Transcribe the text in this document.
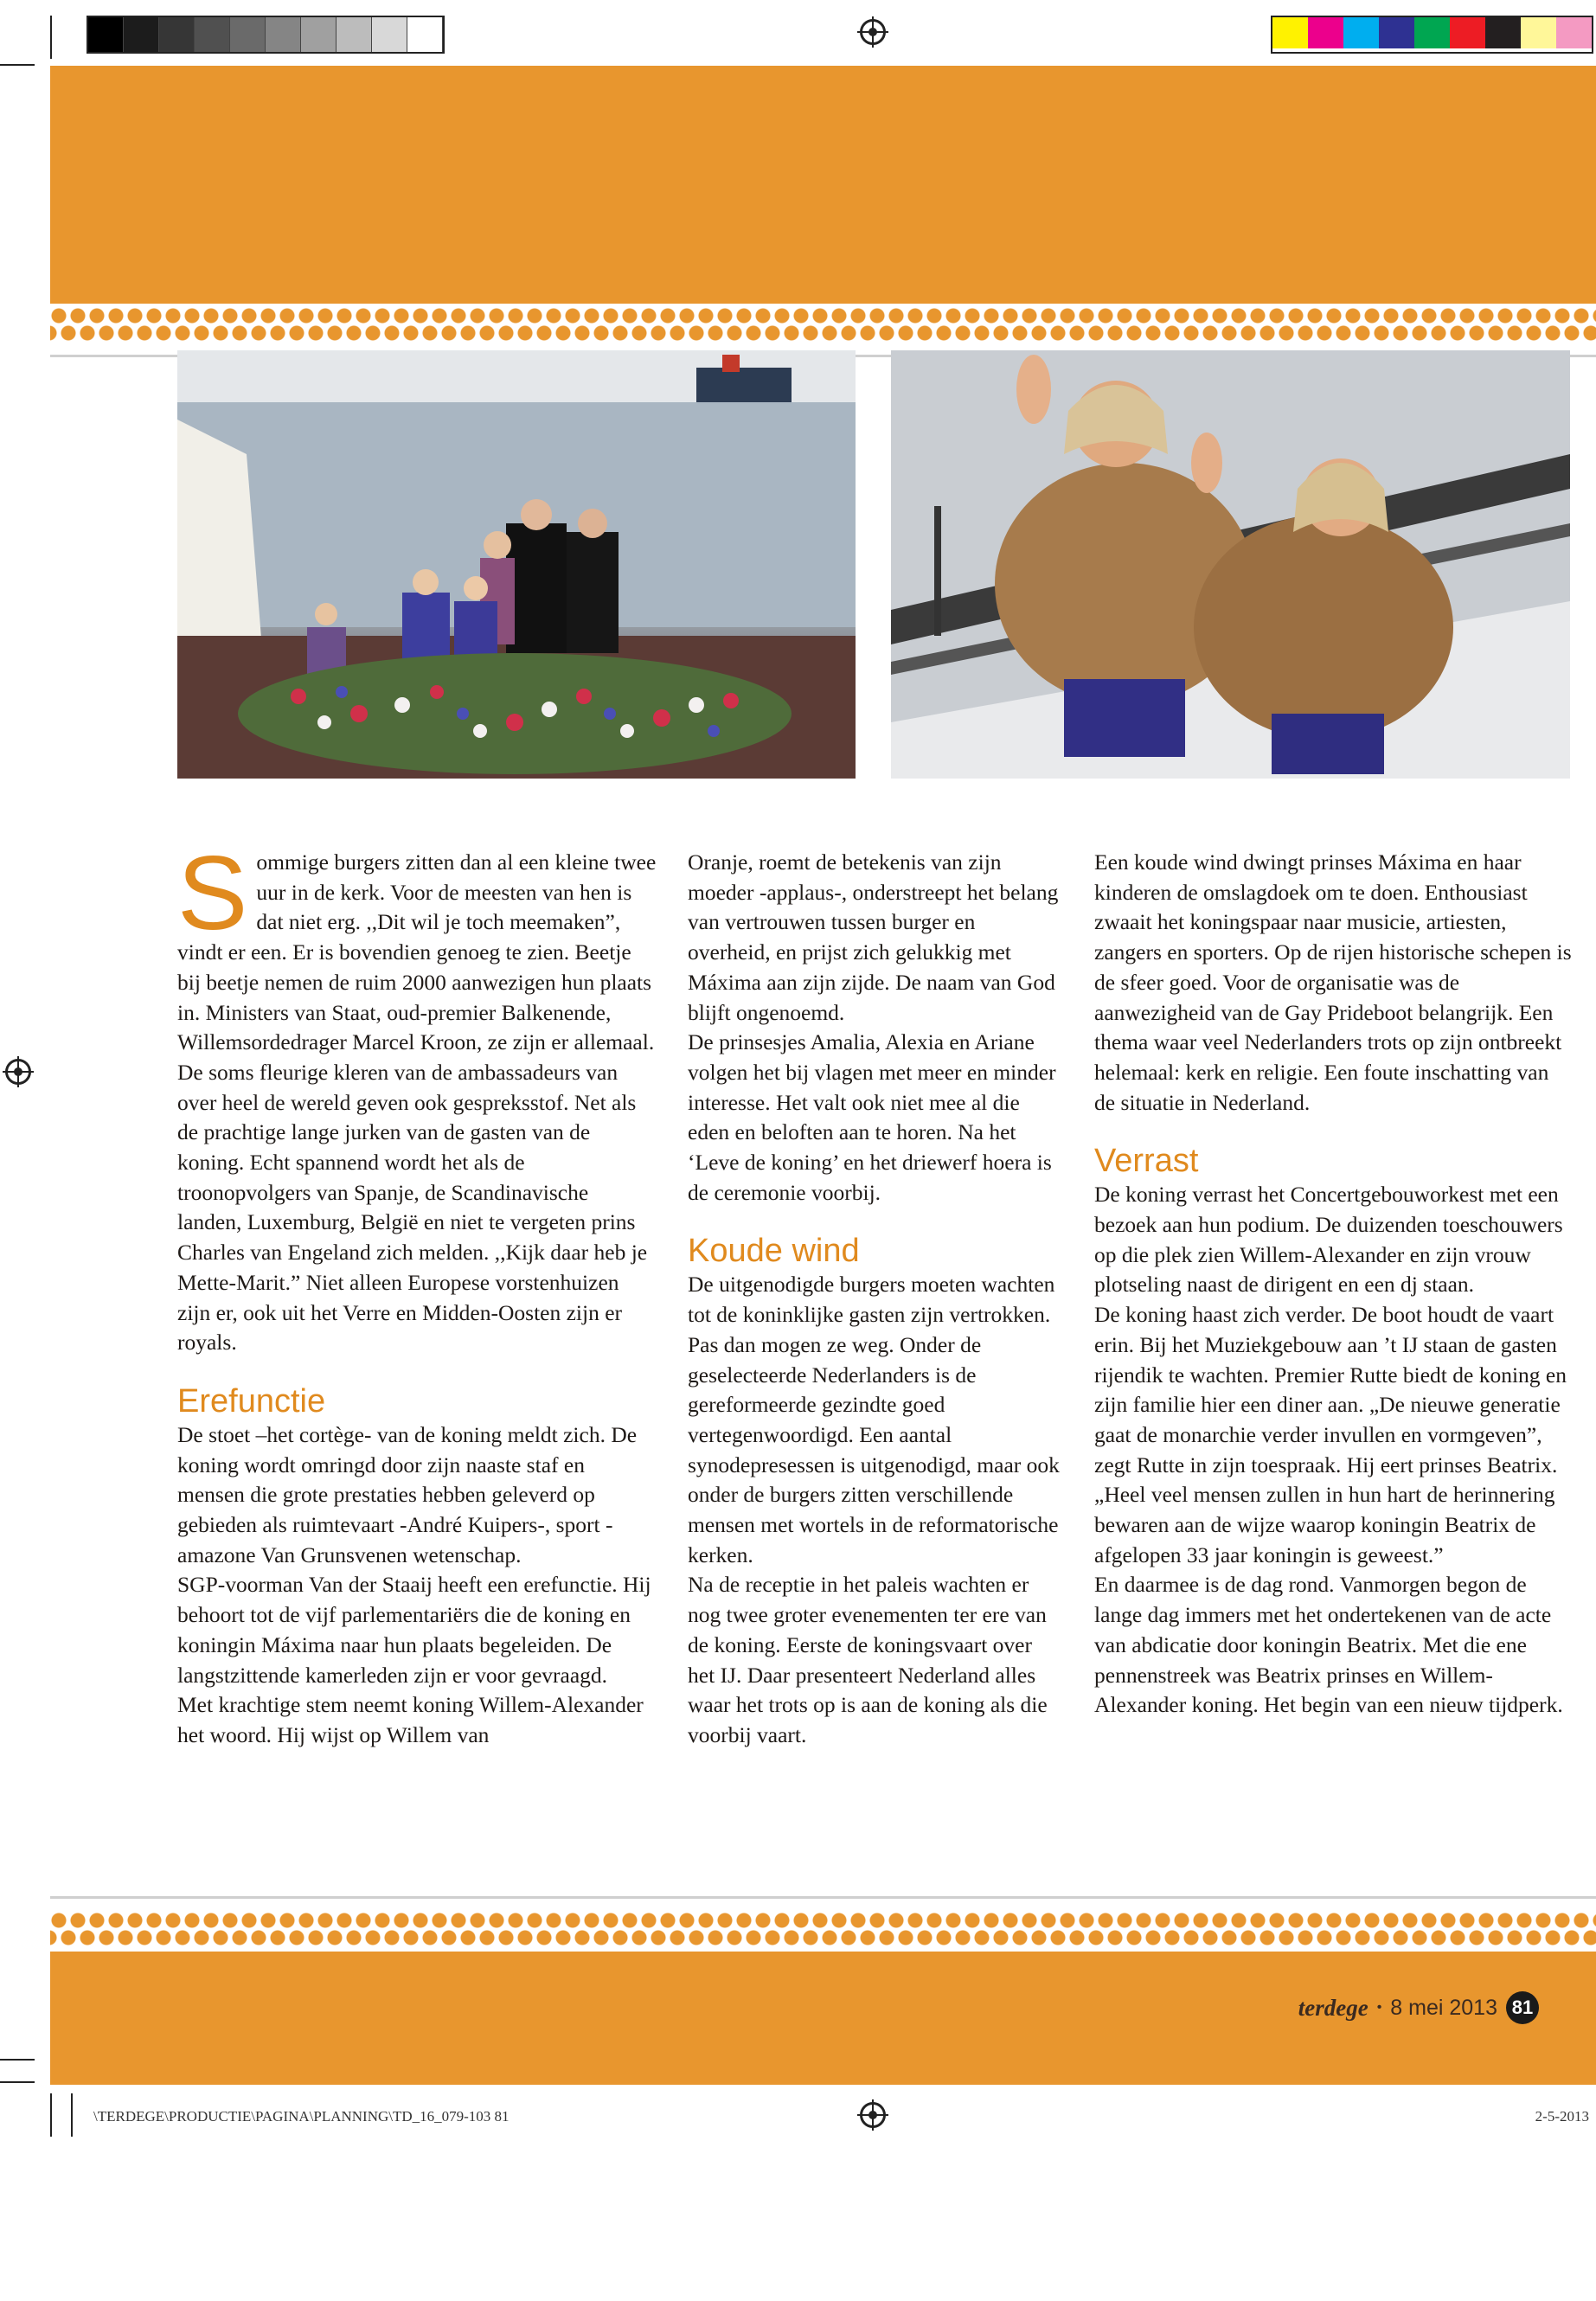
Sommige burgers zitten dan al een kleine twee uur in de kerk. Voor de meesten van hen is dat niet erg. ,,Dit wil je toch meemaken”, vindt er een. Er is bovendien genoeg te zien. Beetje bij beetje nemen de ruim 2000 aanwezigen hun plaats in. Ministers van Staat, oud-premier Balkenende, Willemsordedrager Marcel Kroon, ze zijn er allemaal.

De soms fleurige kleren van de ambassadeurs van over heel de wereld geven ook gespreksstof. Net als de prachtige lange jurken van de gasten van de koning. Echt spannend wordt het als de troonopvolgers van Spanje, de Scandinavische landen, Luxemburg, België en niet te vergeten prins Charles van Engeland zich melden. ,,Kijk daar heb je Mette-Marit.” Niet alleen Europese vorstenhuizen zijn er, ook uit het Verre en Midden-Oosten zijn er royals.

Erefunctie

De stoet –het cortège- van de koning meldt zich. De koning wordt omringd door zijn naaste staf en mensen die grote prestaties hebben geleverd op gebieden als ruimtevaart -André Kuipers-, sport -amazone Van Grunsvenen wetenschap.

SGP-voorman Van der Staaij heeft een erefunctie. Hij behoort tot de vijf parlementariërs die de koning en koningin Máxima naar hun plaats begeleiden. De langstzittende kamerleden zijn er voor gevraagd.

Met krachtige stem neemt koning Willem-Alexander het woord. Hij wijst op Willem van

Oranje, roemt de betekenis van zijn moeder -applaus-, onderstreept het belang van vertrouwen tussen burger en overheid, en prijst zich gelukkig met Máxima aan zijn zijde. De naam van God blijft ongenoemd.

De prinsesjes Amalia, Alexia en Ariane volgen het bij vlagen met meer en minder interesse. Het valt ook niet mee al die eden en beloften aan te horen. Na het ‘Leve de koning’ en het driewerf hoera is de ceremonie voorbij.

Koude wind

De uitgenodigde burgers moeten wachten tot de koninklijke gasten zijn vertrokken. Pas dan mogen ze weg. Onder de geselecteerde Nederlanders is de gereformeerde gezindte goed vertegenwoordigd. Een aantal synodepresessen is uitgenodigd, maar ook onder de burgers zitten verschillende mensen met wortels in de reformatorische kerken.

Na de receptie in het paleis wachten er nog twee groter evenementen ter ere van de koning. Eerste de koningsvaart over het IJ. Daar presenteert Nederland alles waar het trots op is aan de koning als die voorbij vaart.

Een koude wind dwingt prinses Máxima en haar kinderen de omslagdoek om te doen. Enthousiast zwaait het koningspaar naar musicie, artiesten, zangers en sporters. Op de rijen historische schepen is de sfeer goed. Voor de organisatie was de aanwezigheid van de Gay Prideboot belangrijk. Een thema waar veel Nederlanders trots op zijn ontbreekt helemaal: kerk en religie. Een foute inschatting van de situatie in Nederland.

Verrast

De koning verrast het Concertgebouworkest met een bezoek aan hun podium. De duizenden toeschouwers op die plek zien Willem-Alexander en zijn vrouw plotseling naast de dirigent en een dj staan.

De koning haast zich verder. De boot houdt de vaart erin. Bij het Muziekgebouw aan ’t IJ staan de gasten rijendik te wachten. Premier Rutte biedt de koning en zijn familie hier een diner aan. „De nieuwe generatie gaat de monarchie verder invullen en vormgeven”, zegt Rutte in zijn toespraak. Hij eert prinses Beatrix. „Heel veel mensen zullen in hun hart de herinnering bewaren aan de wijze waarop koningin Beatrix de afgelopen 33 jaar koningin is geweest.”

En daarmee is de dag rond. Vanmorgen begon de lange dag immers met het ondertekenen van de acte van abdicatie door koningin Beatrix. Met die ene pennenstreek was Beatrix prinses en Willem-Alexander koning. Het begin van een nieuw tijdperk.

terdege • 8 mei 2013 81
\TERDEGE\PRODUCTIE\PAGINA\PLANNING\TD_16_079-103 81	2-5-2013
